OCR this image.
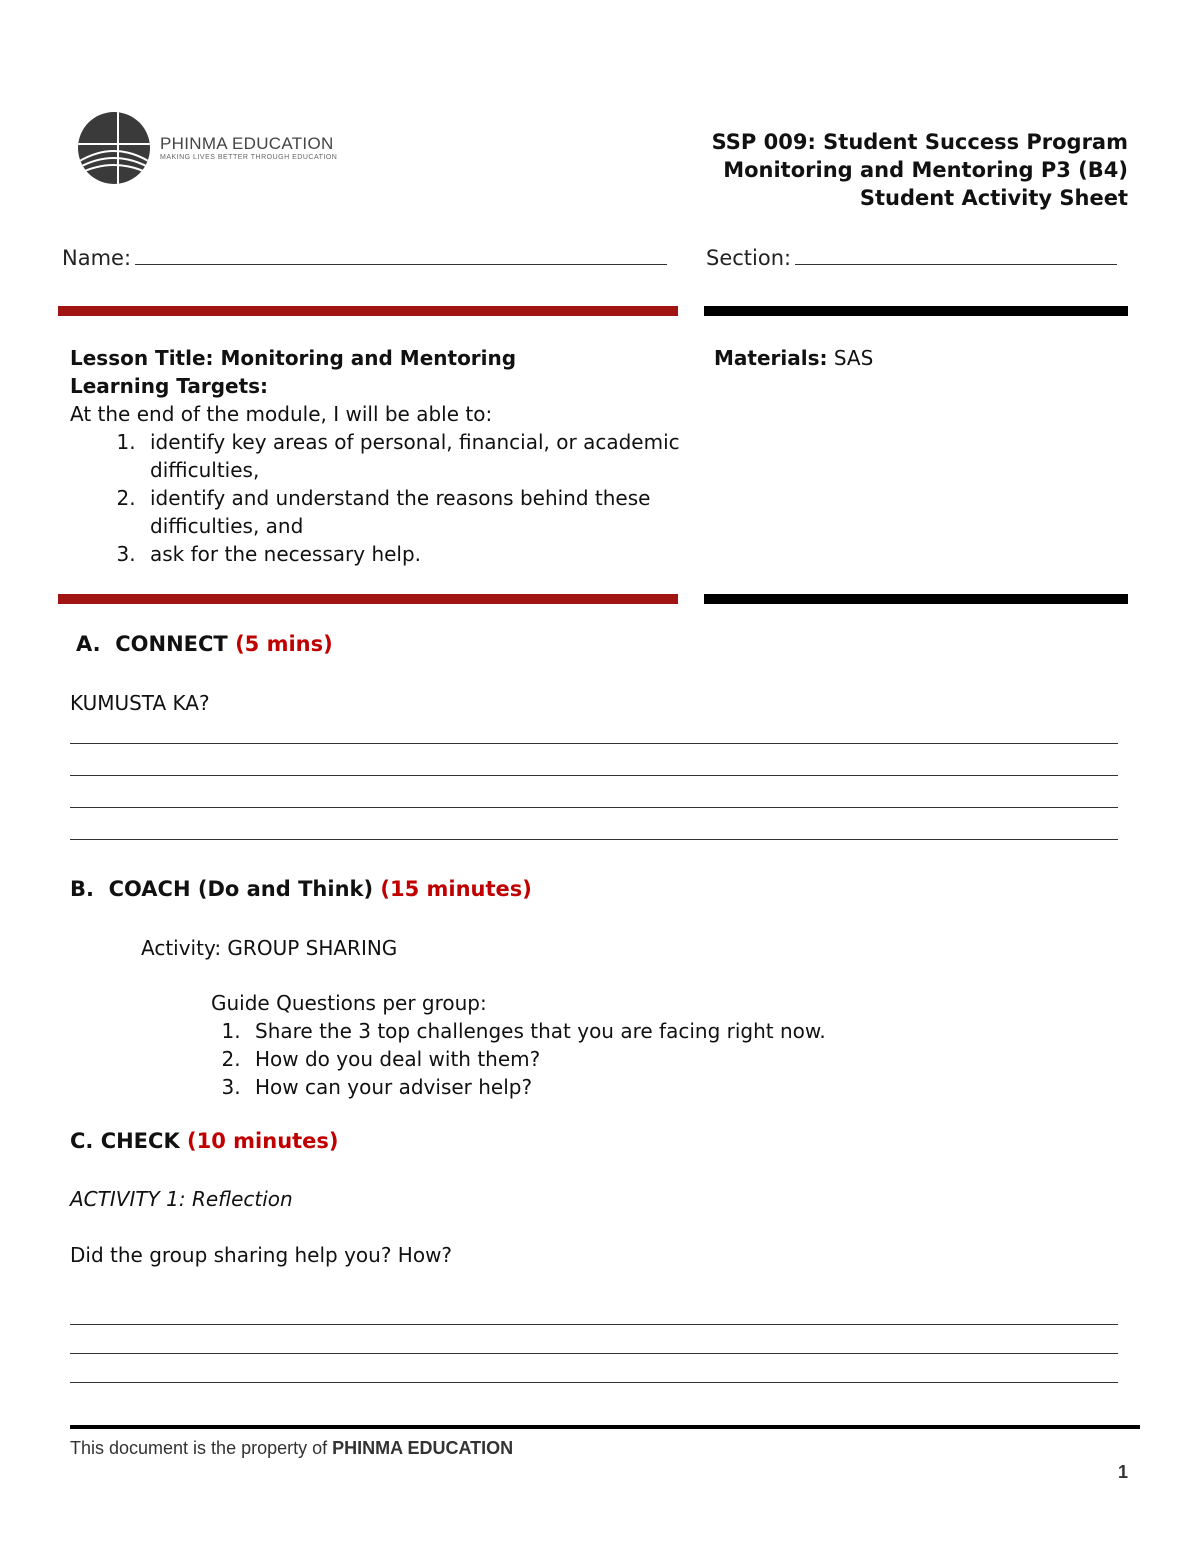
PHINMA EDUCATION
MAKING LIVES BETTER THROUGH EDUCATION
SSP 009: Student Success Program
Monitoring and Mentoring P3 (B4)
Student Activity Sheet
Name:	Section:
Lesson Title: Monitoring and Mentoring
Learning Targets:
At the end of the module, I will be able to:
1. identify key areas of personal, financial, or academic difficulties,
2. identify and understand the reasons behind these difficulties, and
3. ask for the necessary help.
Materials: SAS
A. CONNECT (5 mins)
KUMUSTA KA?
B. COACH (Do and Think) (15 minutes)
Activity: GROUP SHARING
Guide Questions per group:
1. Share the 3 top challenges that you are facing right now.
2. How do you deal with them?
3. How can your adviser help?
C. CHECK (10 minutes)
ACTIVITY 1: Reflection
Did the group sharing help you? How?
This document is the property of PHINMA EDUCATION
1
